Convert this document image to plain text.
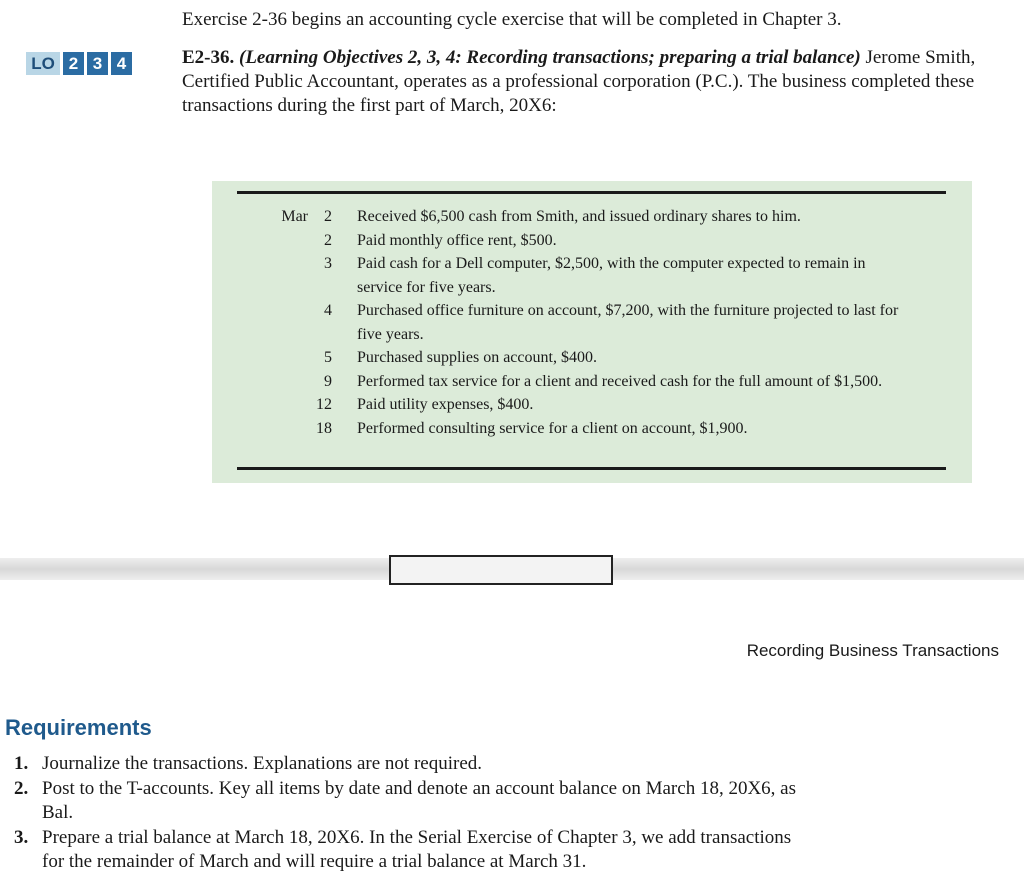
Exercise 2-36 begins an accounting cycle exercise that will be completed in Chapter 3.
LO 2 3 4	E2-36. (Learning Objectives 2, 3, 4: Recording transactions; preparing a trial balance) Jerome Smith, Certified Public Accountant, operates as a professional corporation (P.C.). The business completed these transactions during the first part of March, 20X6:
Mar	2 Received $6,500 cash from Smith, and issued ordinary shares to him.
2 Paid monthly office rent, $500.
3 Paid cash for a Dell computer, $2,500, with the computer expected to remain in service for five years.
4 Purchased office furniture on account, $7,200, with the furniture projected to last for five years.
5 Purchased supplies on account, $400.
9 Performed tax service for a client and received cash for the full amount of $1,500.
12 Paid utility expenses, $400.
18 Performed consulting service for a client on account, $1,900.
Recording Business Transactions
Requirements
1. Journalize the transactions. Explanations are not required.
2. Post to the T-accounts. Key all items by date and denote an account balance on March 18, 20X6, as Bal.
3. Prepare a trial balance at March 18, 20X6. In the Serial Exercise of Chapter 3, we add transactions for the remainder of March and will require a trial balance at March 31.
